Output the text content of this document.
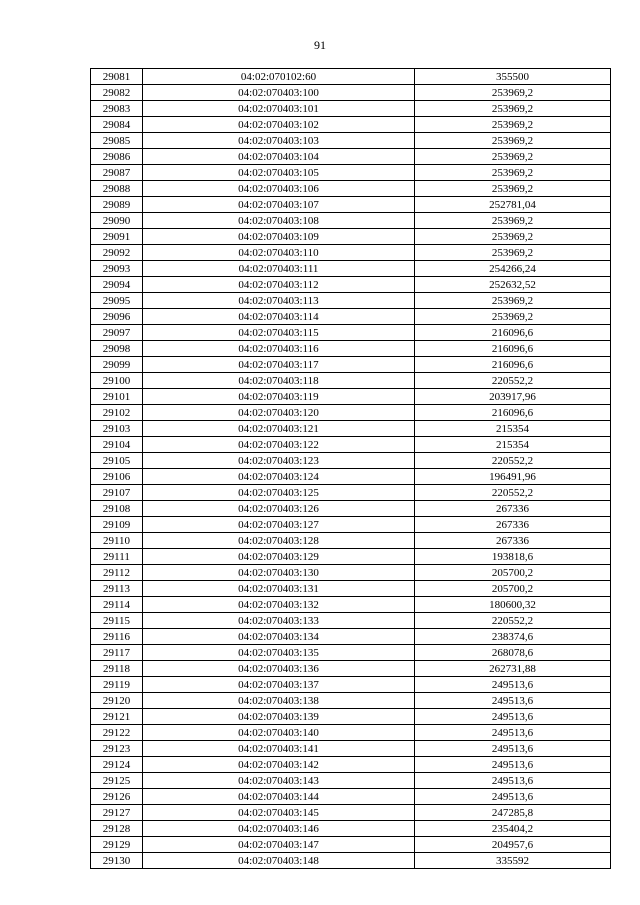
91
29081	04:02:070102:60	355500
29082	04:02:070403:100	253969,2
29083	04:02:070403:101	253969,2
29084	04:02:070403:102	253969,2
29085	04:02:070403:103	253969,2
29086	04:02:070403:104	253969,2
29087	04:02:070403:105	253969,2
29088	04:02:070403:106	253969,2
29089	04:02:070403:107	252781,04
29090	04:02:070403:108	253969,2
29091	04:02:070403:109	253969,2
29092	04:02:070403:110	253969,2
29093	04:02:070403:111	254266,24
29094	04:02:070403:112	252632,52
29095	04:02:070403:113	253969,2
29096	04:02:070403:114	253969,2
29097	04:02:070403:115	216096,6
29098	04:02:070403:116	216096,6
29099	04:02:070403:117	216096,6
29100	04:02:070403:118	220552,2
29101	04:02:070403:119	203917,96
29102	04:02:070403:120	216096,6
29103	04:02:070403:121	215354
29104	04:02:070403:122	215354
29105	04:02:070403:123	220552,2
29106	04:02:070403:124	196491,96
29107	04:02:070403:125	220552,2
29108	04:02:070403:126	267336
29109	04:02:070403:127	267336
29110	04:02:070403:128	267336
29111	04:02:070403:129	193818,6
29112	04:02:070403:130	205700,2
29113	04:02:070403:131	205700,2
29114	04:02:070403:132	180600,32
29115	04:02:070403:133	220552,2
29116	04:02:070403:134	238374,6
29117	04:02:070403:135	268078,6
29118	04:02:070403:136	262731,88
29119	04:02:070403:137	249513,6
29120	04:02:070403:138	249513,6
29121	04:02:070403:139	249513,6
29122	04:02:070403:140	249513,6
29123	04:02:070403:141	249513,6
29124	04:02:070403:142	249513,6
29125	04:02:070403:143	249513,6
29126	04:02:070403:144	249513,6
29127	04:02:070403:145	247285,8
29128	04:02:070403:146	235404,2
29129	04:02:070403:147	204957,6
29130	04:02:070403:148	335592
